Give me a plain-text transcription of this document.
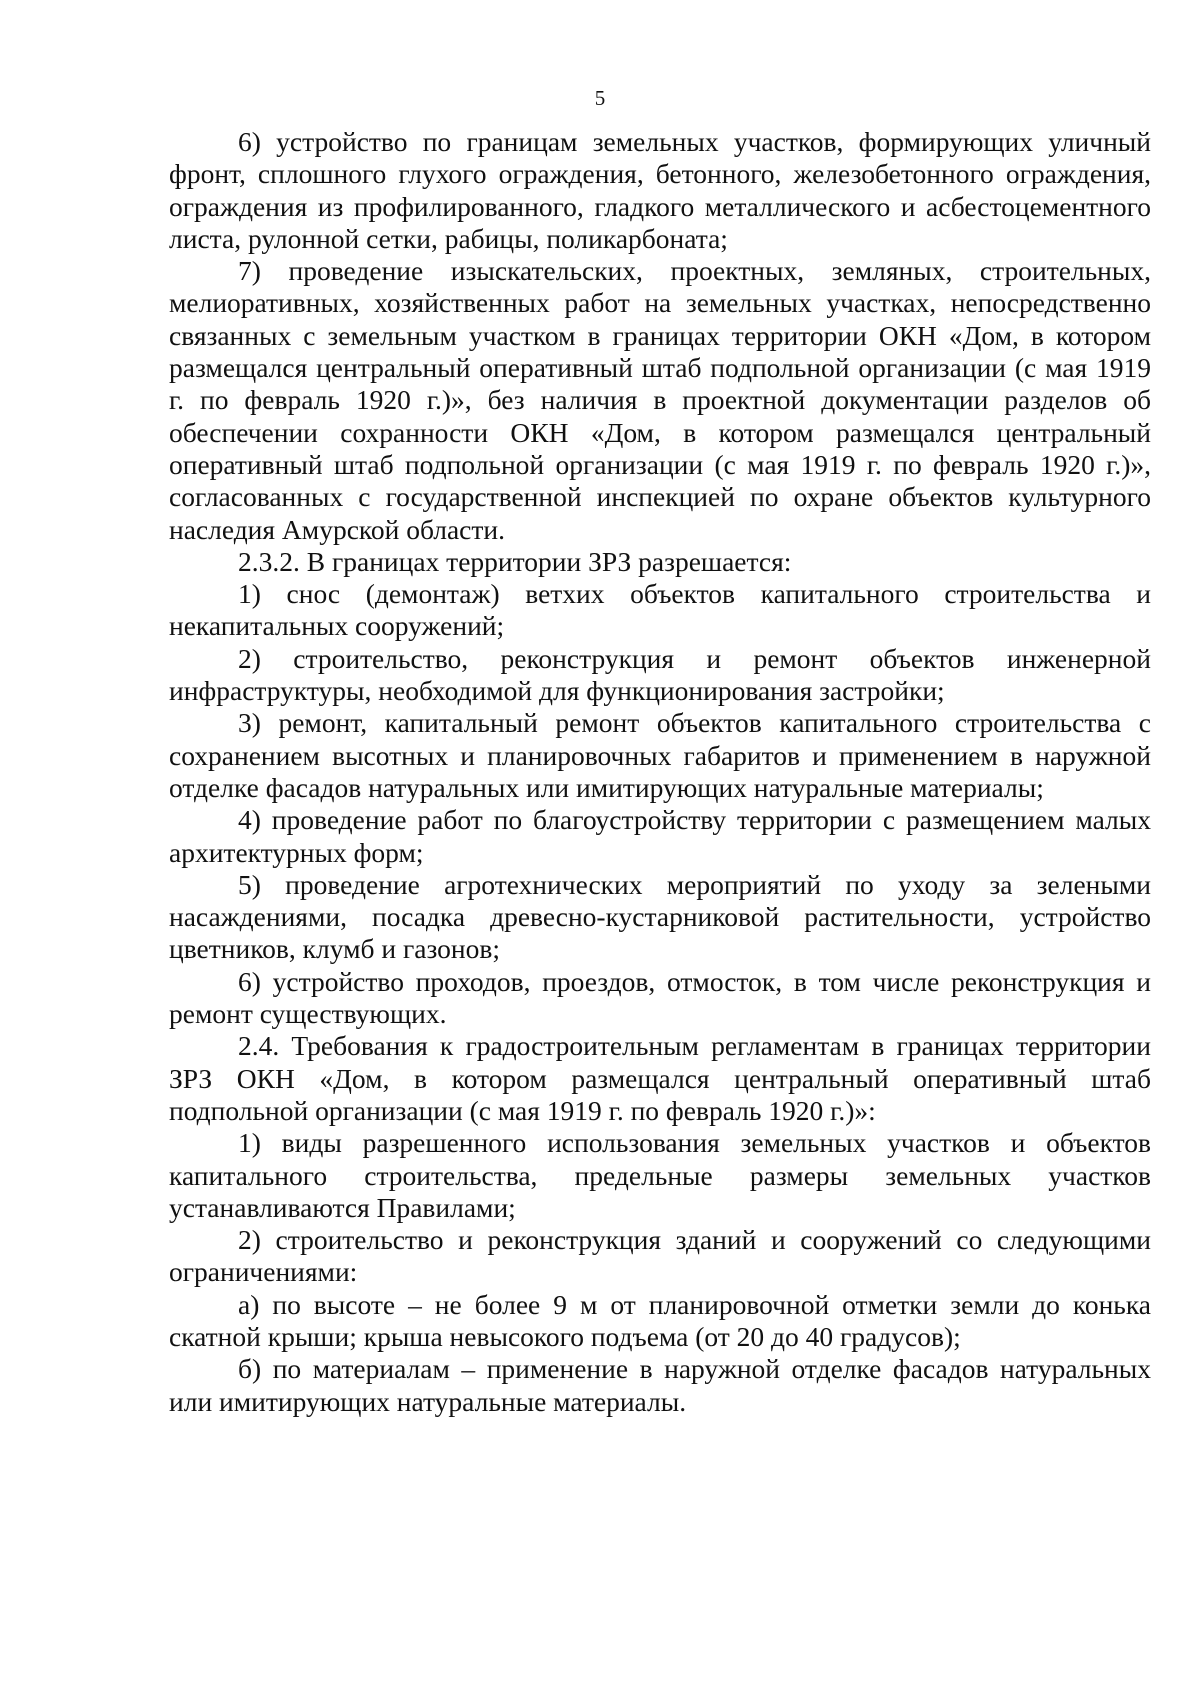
5

6) устройство по границам земельных участков, формирующих уличный фронт, сплошного глухого ограждения, бетонного, железобетонного ограждения, ограждения из профилированного, гладкого металлического и асбестоцементного листа, рулонной сетки, рабицы, поликарбоната;

7) проведение изыскательских, проектных, земляных, строительных, мелиоративных, хозяйственных работ на земельных участках, непосредственно связанных с земельным участком в границах территории ОКН «Дом, в котором размещался центральный оперативный штаб подпольной организации (с мая 1919 г. по февраль 1920 г.)», без наличия в проектной документации разделов об обеспечении сохранности ОКН «Дом, в котором размещался центральный оперативный штаб подпольной организации (с мая 1919 г. по февраль 1920 г.)», согласованных с государственной инспекцией по охране объектов культурного наследия Амурской области.

2.3.2. В границах территории ЗРЗ разрешается:

1) снос (демонтаж) ветхих объектов капитального строительства и некапитальных сооружений;

2) строительство, реконструкция и ремонт объектов инженерной инфраструктуры, необходимой для функционирования застройки;

3) ремонт, капитальный ремонт объектов капитального строительства с сохранением высотных и планировочных габаритов и применением в наружной отделке фасадов натуральных или имитирующих натуральные материалы;

4) проведение работ по благоустройству территории с размещением малых архитектурных форм;

5) проведение агротехнических мероприятий по уходу за зелеными насаждениями, посадка древесно-кустарниковой растительности, устройство цветников, клумб и газонов;

6) устройство проходов, проездов, отмосток, в том числе реконструкция и ремонт существующих.

2.4. Требования к градостроительным регламентам в границах территории ЗРЗ ОКН «Дом, в котором размещался центральный оперативный штаб подпольной организации (с мая 1919 г. по февраль 1920 г.)»:

1) виды разрешенного использования земельных участков и объектов капитального строительства, предельные размеры земельных участков устанавливаются Правилами;

2) строительство и реконструкция зданий и сооружений со следующими ограничениями:

а) по высоте – не более 9 м от планировочной отметки земли до конька скатной крыши; крыша невысокого подъема (от 20 до 40 градусов);

б) по материалам – применение в наружной отделке фасадов натуральных или имитирующих натуральные материалы.
